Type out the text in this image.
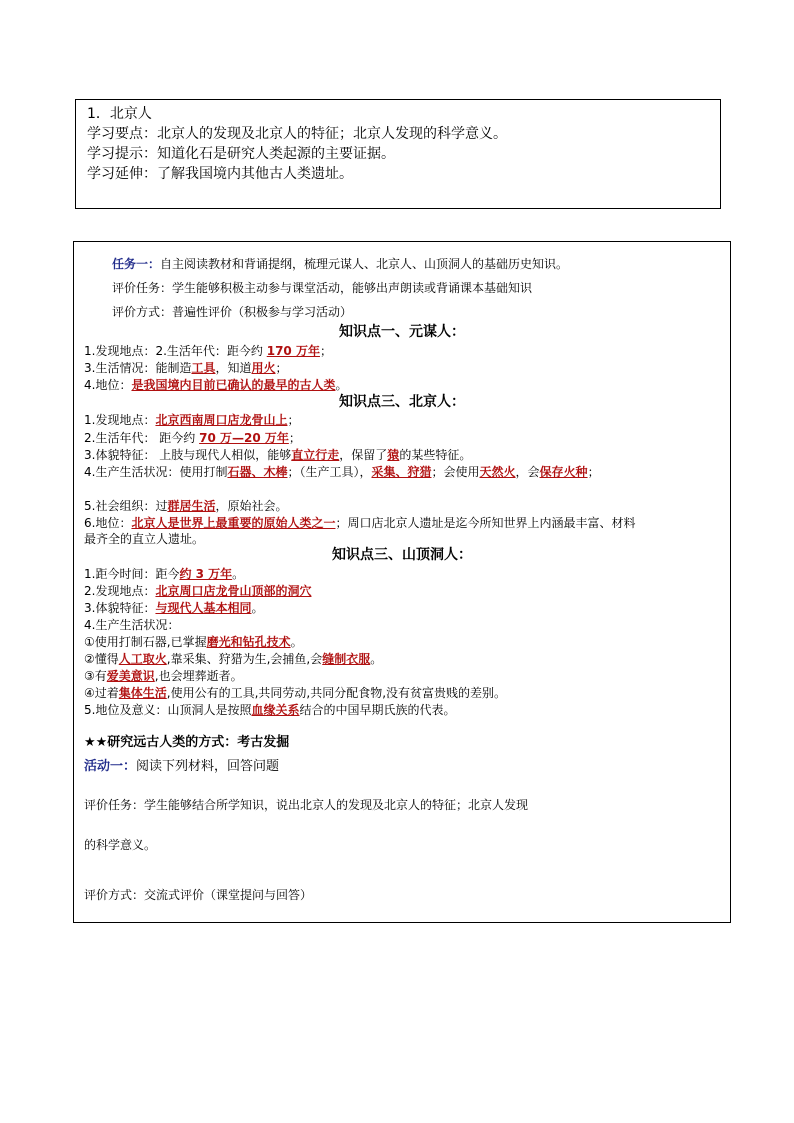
1．北京人
学习要点：北京人的发现及北京人的特征；北京人发现的科学意义。
学习提示：知道化石是研究人类起源的主要证据。
学习延伸：了解我国境内其他古人类遗址。
任务一：自主阅读教材和背诵提纲，梳理元谋人、北京人、山顶洞人的基础历史知识。
评价任务：学生能够积极主动参与课堂活动，能够出声朗读或背诵课本基础知识
评价方式：普遍性评价（积极参与学习活动）
知识点一、元谋人：
1.发现地点：2.生活年代：距今约 170 万年；
3.生活情况：能制造工具，知道用火；
4.地位：是我国境内目前已确认的最早的古人类。
知识点三、北京人：
1.发现地点：北京西南周口店龙骨山上；
2.生活年代： 距今约 70 万—20 万年；
3.体貌特征： 上肢与现代人相似，能够直立行走，保留了猿的某些特征。
4.生产生活状况：使用打制石器、木棒；（生产工具），采集、狩猎；会使用天然火，会保存火种；
5.社会组织：过群居生活，原始社会。
6.地位：北京人是世界上最重要的原始人类之一；周口店北京人遗址是迄今所知世界上内涵最丰富、材料
最齐全的直立人遗址。
知识点三、山顶洞人：
1.距今时间：距今约 3 万年。
2.发现地点：北京周口店龙骨山顶部的洞穴
3.体貌特征：与现代人基本相同。
4.生产生活状况：
①使用打制石器,已掌握磨光和钻孔技术。
②懂得人工取火,靠采集、狩猎为生,会捕鱼,会缝制衣服。
③有爱美意识,也会埋葬逝者。
④过着集体生活,使用公有的工具,共同劳动,共同分配食物,没有贫富贵贱的差别。
5.地位及意义：山顶洞人是按照血缘关系结合的中国早期氏族的代表。
★★研究远古人类的方式：考古发掘
活动一：阅读下列材料，回答问题
评价任务：学生能够结合所学知识，说出北京人的发现及北京人的特征；北京人发现
的科学意义。
评价方式：交流式评价（课堂提问与回答）
